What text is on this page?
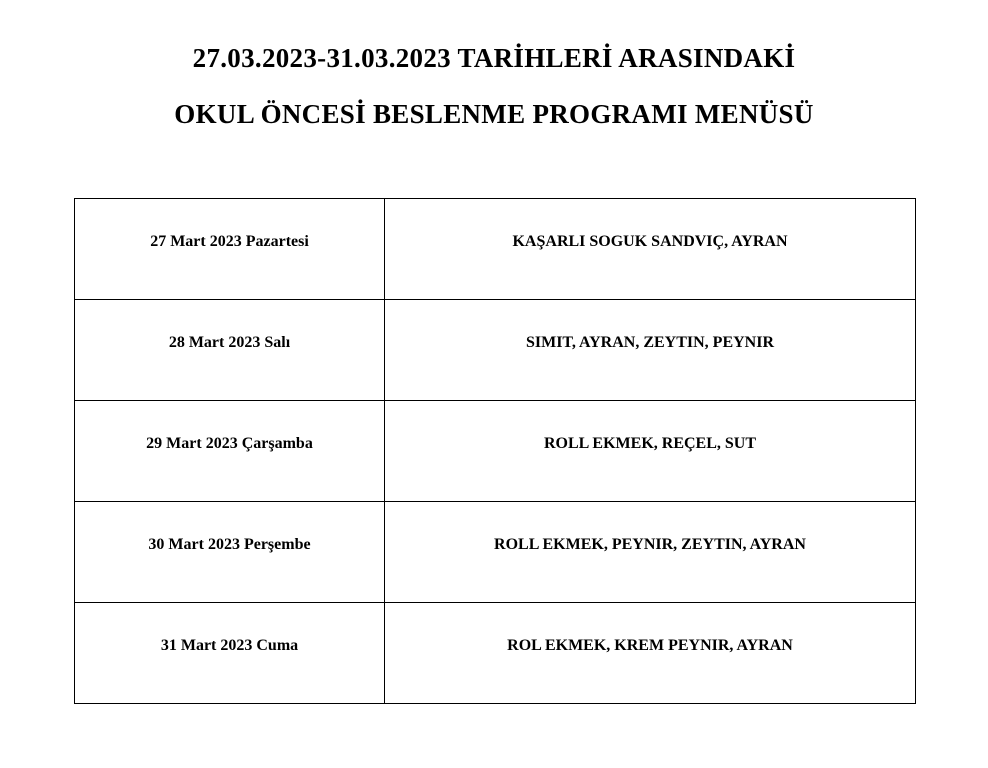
27.03.2023-31.03.2023 TARİHLERİ ARASINDAKİ
OKUL ÖNCESİ BESLENME PROGRAMI MENÜSÜ
27 Mart 2023 Pazartesi	KAŞARLI SOGUK SANDVIÇ, AYRAN
28 Mart 2023 Salı	SIMIT, AYRAN, ZEYTIN, PEYNIR
29 Mart 2023 Çarşamba	ROLL EKMEK, REÇEL, SUT
30 Mart 2023 Perşembe	ROLL EKMEK, PEYNIR, ZEYTIN, AYRAN
31 Mart 2023 Cuma	ROL EKMEK, KREM PEYNIR, AYRAN
